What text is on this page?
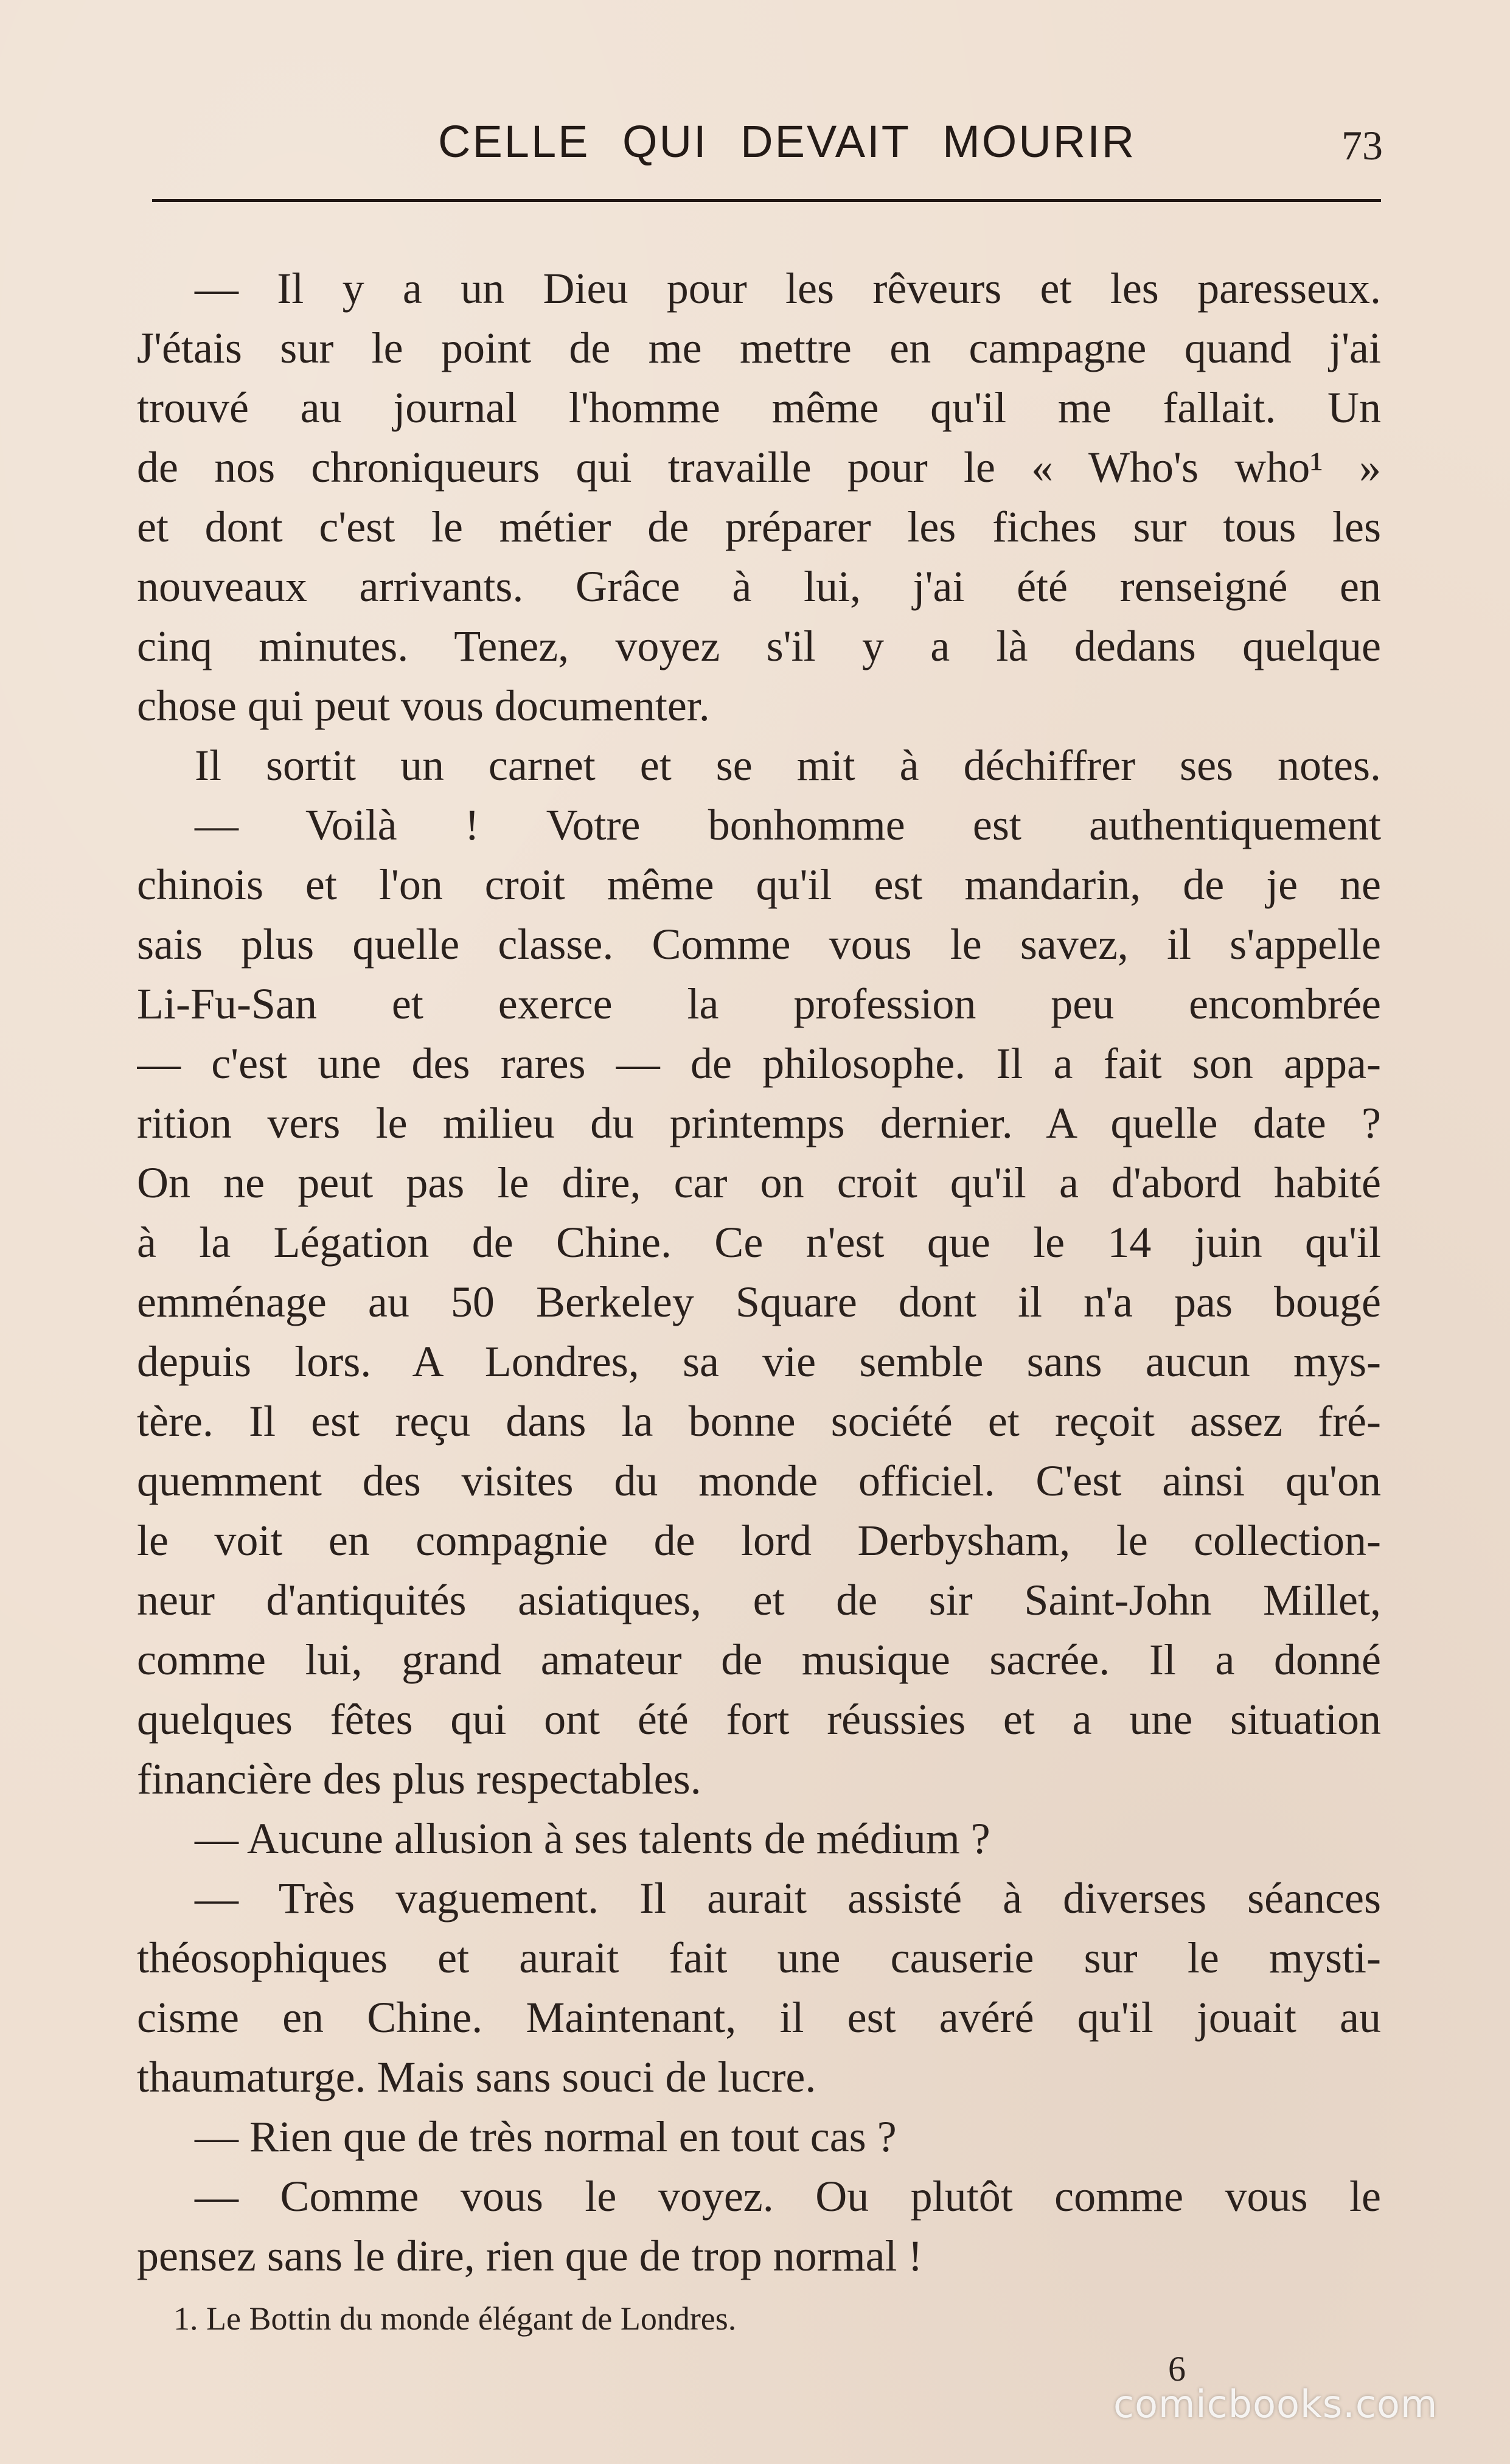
CELLE QUI DEVAIT MOURIR	73
— Il y a un Dieu pour les rêveurs et les paresseux.
J'étais sur le point de me mettre en campagne quand j'ai
trouvé au journal l'homme même qu'il me fallait. Un
de nos chroniqueurs qui travaille pour le « Who's who¹ »
et dont c'est le métier de préparer les fiches sur tous les
nouveaux arrivants. Grâce à lui, j'ai été renseigné en
cinq minutes. Tenez, voyez s'il y a là dedans quelque
chose qui peut vous documenter.
Il sortit un carnet et se mit à déchiffrer ses notes.
— Voilà ! Votre bonhomme est authentiquement
chinois et l'on croit même qu'il est mandarin, de je ne
sais plus quelle classe. Comme vous le savez, il s'appelle
Li-Fu-San et exerce la profession peu encombrée
— c'est une des rares — de philosophe. Il a fait son appa-
rition vers le milieu du printemps dernier. A quelle date ?
On ne peut pas le dire, car on croit qu'il a d'abord habité
à la Légation de Chine. Ce n'est que le 14 juin qu'il
emménage au 50 Berkeley Square dont il n'a pas bougé
depuis lors. A Londres, sa vie semble sans aucun mys-
tère. Il est reçu dans la bonne société et reçoit assez fré-
quemment des visites du monde officiel. C'est ainsi qu'on
le voit en compagnie de lord Derbysham, le collection-
neur d'antiquités asiatiques, et de sir Saint-John Millet,
comme lui, grand amateur de musique sacrée. Il a donné
quelques fêtes qui ont été fort réussies et a une situation
financière des plus respectables.
— Aucune allusion à ses talents de médium ?
— Très vaguement. Il aurait assisté à diverses séances
théosophiques et aurait fait une causerie sur le mysti-
cisme en Chine. Maintenant, il est avéré qu'il jouait au
thaumaturge. Mais sans souci de lucre.
— Rien que de très normal en tout cas ?
— Comme vous le voyez. Ou plutôt comme vous le
pensez sans le dire, rien que de trop normal !
1. Le Bottin du monde élégant de Londres.
6
comicbooks.com
